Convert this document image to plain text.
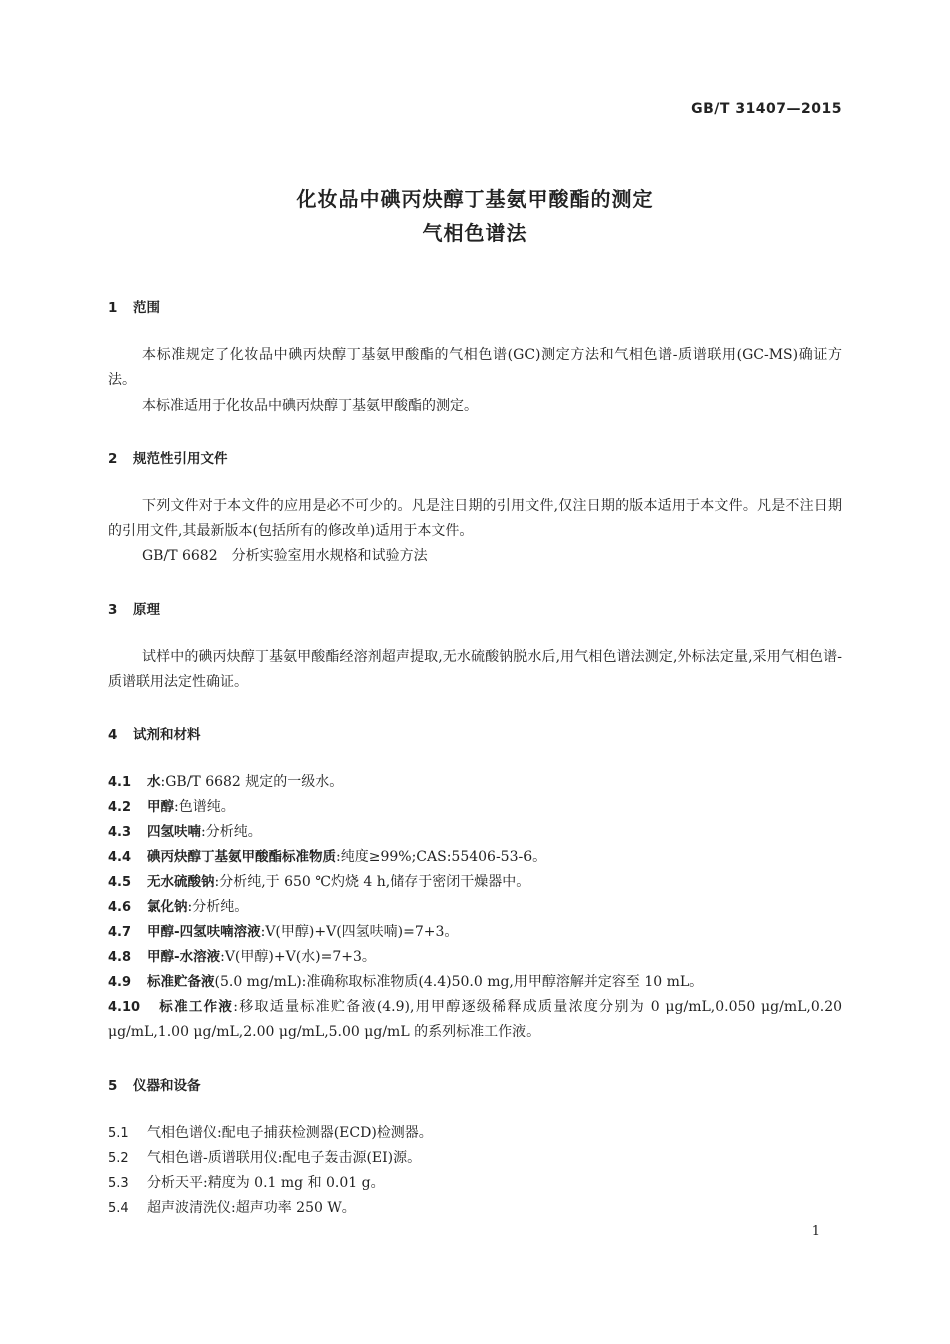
GB/T 31407—2015
化妆品中碘丙炔醇丁基氨甲酸酯的测定
气相色谱法
1 范围
本标准规定了化妆品中碘丙炔醇丁基氨甲酸酯的气相色谱(GC)测定方法和气相色谱-质谱联用(GC-MS)确证方法。
本标准适用于化妆品中碘丙炔醇丁基氨甲酸酯的测定。
2 规范性引用文件
下列文件对于本文件的应用是必不可少的。凡是注日期的引用文件,仅注日期的版本适用于本文件。凡是不注日期的引用文件,其最新版本(包括所有的修改单)适用于本文件。
GB/T 6682　分析实验室用水规格和试验方法
3 原理
试样中的碘丙炔醇丁基氨甲酸酯经溶剂超声提取,无水硫酸钠脱水后,用气相色谱法测定,外标法定量,采用气相色谱-质谱联用法定性确证。
4 试剂和材料
4.1 水:GB/T 6682 规定的一级水。
4.2 甲醇:色谱纯。
4.3 四氢呋喃:分析纯。
4.4 碘丙炔醇丁基氨甲酸酯标准物质:纯度≥99%;CAS:55406-53-6。
4.5 无水硫酸钠:分析纯,于 650 ℃灼烧 4 h,储存于密闭干燥器中。
4.6 氯化钠:分析纯。
4.7 甲醇-四氢呋喃溶液:V(甲醇)+V(四氢呋喃)=7+3。
4.8 甲醇-水溶液:V(甲醇)+V(水)=7+3。
4.9 标准贮备液(5.0 mg/mL):准确称取标准物质(4.4)50.0 mg,用甲醇溶解并定容至 10 mL。
4.10 标准工作液:移取适量标准贮备液(4.9),用甲醇逐级稀释成质量浓度分别为 0 μg/mL,0.050 μg/mL,0.20 μg/mL,1.00 μg/mL,2.00 μg/mL,5.00 μg/mL 的系列标准工作液。
5 仪器和设备
5.1 气相色谱仪:配电子捕获检测器(ECD)检测器。
5.2 气相色谱-质谱联用仪:配电子轰击源(EI)源。
5.3 分析天平:精度为 0.1 mg 和 0.01 g。
5.4 超声波清洗仪:超声功率 250 W。
1
